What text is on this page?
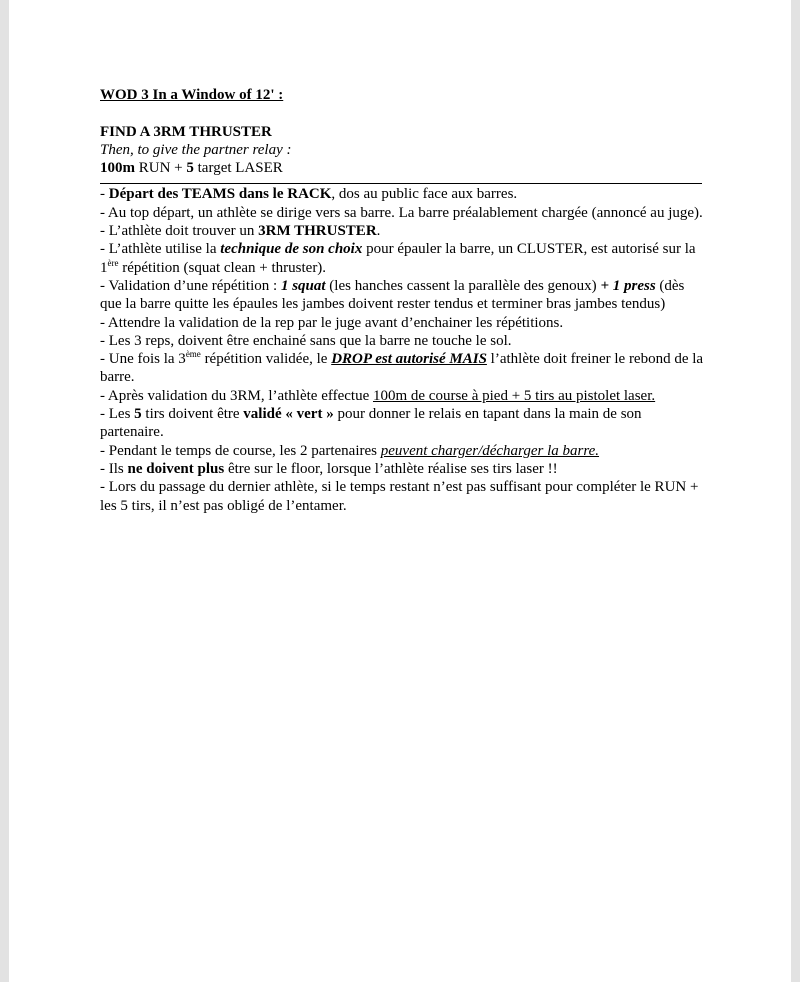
WOD 3 In a Window of 12' :

FIND A 3RM THRUSTER

Then, to give the partner relay :

100m RUN + 5 target LASER

- Départ des TEAMS dans le RACK, dos au public face aux barres.

- Au top départ, un athlète se dirige vers sa barre. La barre préalablement chargée (annoncé au juge).

- L’athlète doit trouver un 3RM THRUSTER.

- L’athlète utilise la technique de son choix pour épauler la barre, un CLUSTER, est autorisé sur la 1ère répétition (squat clean + thruster).

- Validation d’une répétition : 1 squat (les hanches cassent la parallèle des genoux) + 1 press (dès que la barre quitte les épaules les jambes doivent rester tendus et terminer bras jambes tendus)

- Attendre la validation de la rep par le juge avant d’enchainer les répétitions.

- Les 3 reps, doivent être enchainé sans que la barre ne touche le sol.

- Une fois la 3ème répétition validée, le DROP est autorisé MAIS l’athlète doit freiner le rebond de la barre.

- Après validation du 3RM, l’athlète effectue 100m de course à pied + 5 tirs au pistolet laser.

- Les 5 tirs doivent être validé « vert » pour donner le relais en tapant dans la main de son partenaire.

- Pendant le temps de course, les 2 partenaires peuvent charger/décharger la barre.

- Ils ne doivent plus être sur le floor, lorsque l’athlète réalise ses tirs laser !!

- Lors du passage du dernier athlète, si le temps restant n’est pas suffisant pour compléter le RUN + les 5 tirs, il n’est pas obligé de l’entamer.
